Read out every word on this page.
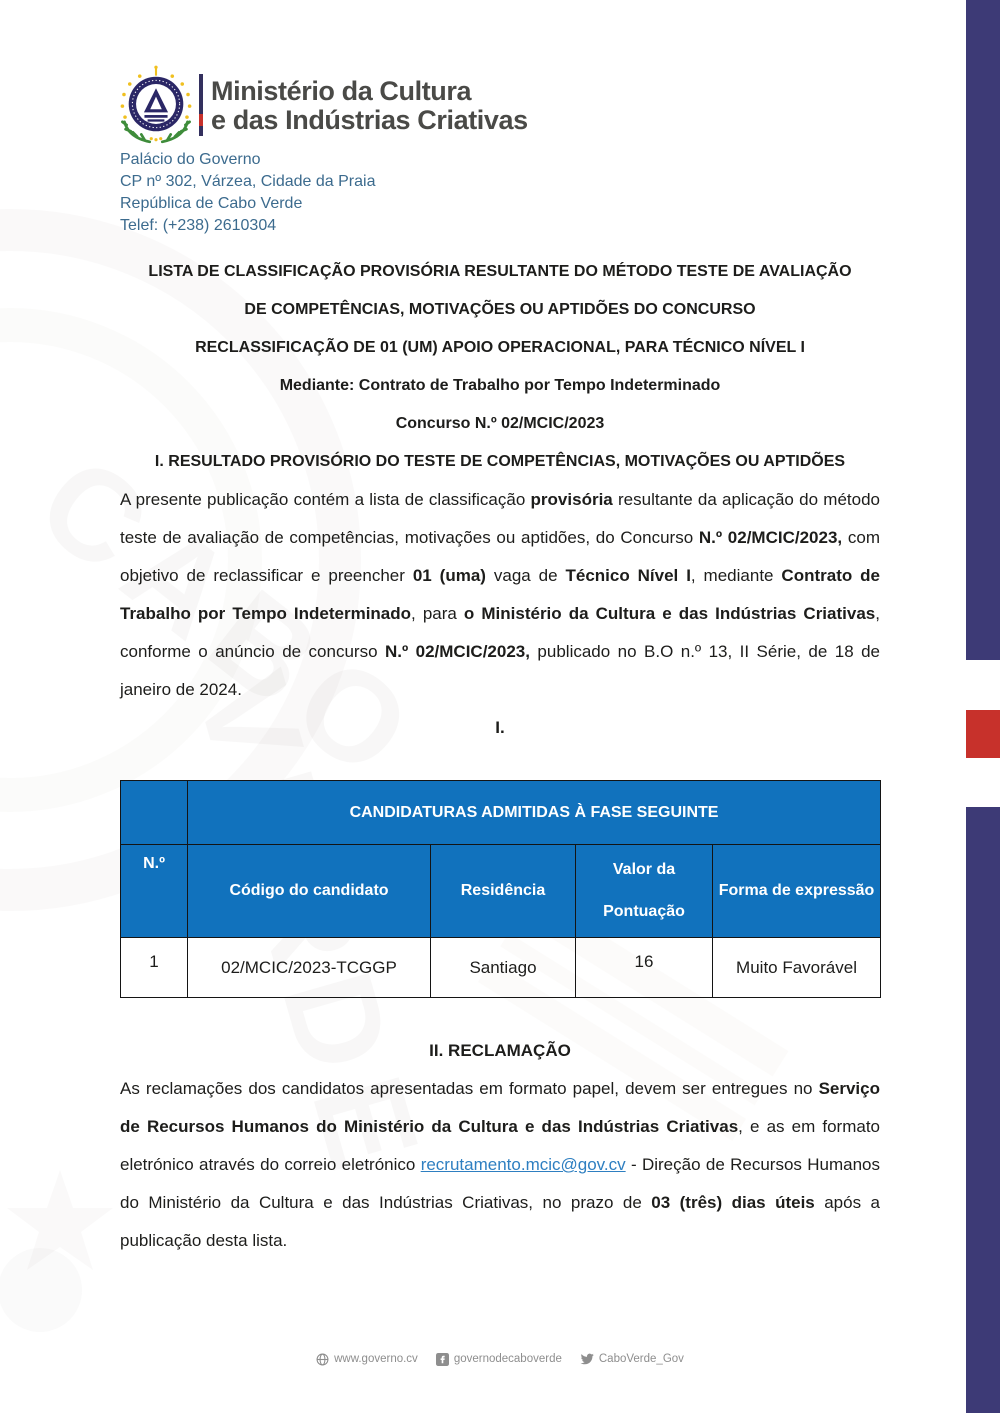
Ministério da Cultura
e das Indústrias Criativas
Palácio do Governo
CP nº 302, Várzea, Cidade da Praia
República de Cabo Verde
Telef: (+238) 2610304
LISTA DE CLASSIFICAÇÃO PROVISÓRIA RESULTANTE DO MÉTODO TESTE DE AVALIAÇÃO
DE COMPETÊNCIAS, MOTIVAÇÕES OU APTIDÕES DO CONCURSO
RECLASSIFICAÇÃO DE 01 (UM) APOIO OPERACIONAL, PARA TÉCNICO NÍVEL I
Mediante: Contrato de Trabalho por Tempo Indeterminado
Concurso N.º 02/MCIC/2023
I. RESULTADO PROVISÓRIO DO TESTE DE COMPETÊNCIAS, MOTIVAÇÕES OU APTIDÕES
A presente publicação contém a lista de classificação provisória resultante da aplicação do método teste de avaliação de competências, motivações ou aptidões, do Concurso N.º 02/MCIC/2023, com objetivo de reclassificar e preencher 01 (uma) vaga de Técnico Nível I, mediante Contrato de Trabalho por Tempo Indeterminado, para o Ministério da Cultura e das Indústrias Criativas, conforme o anúncio de concurso N.º 02/MCIC/2023, publicado no B.O n.º 13, II Série, de 18 de janeiro de 2024.
I.
	CANDIDATURAS ADMITIDAS À FASE SEGUINTE			
N.º	Código do candidato	Residência	Valor da Pontuação	Forma de expressão
1	02/MCIC/2023-TCGGP	Santiago	16	Muito Favorável
II. RECLAMAÇÃO
As reclamações dos candidatos apresentadas em formato papel, devem ser entregues no Serviço de Recursos Humanos do Ministério da Cultura e das Indústrias Criativas, e as em formato eletrónico através do correio eletrónico recrutamento.mcic@gov.cv - Direção de Recursos Humanos do Ministério da Cultura e das Indústrias Criativas, no prazo de 03 (três) dias úteis após a publicação desta lista.
www.governo.cv	governodecaboverde	CaboVerde_Gov
